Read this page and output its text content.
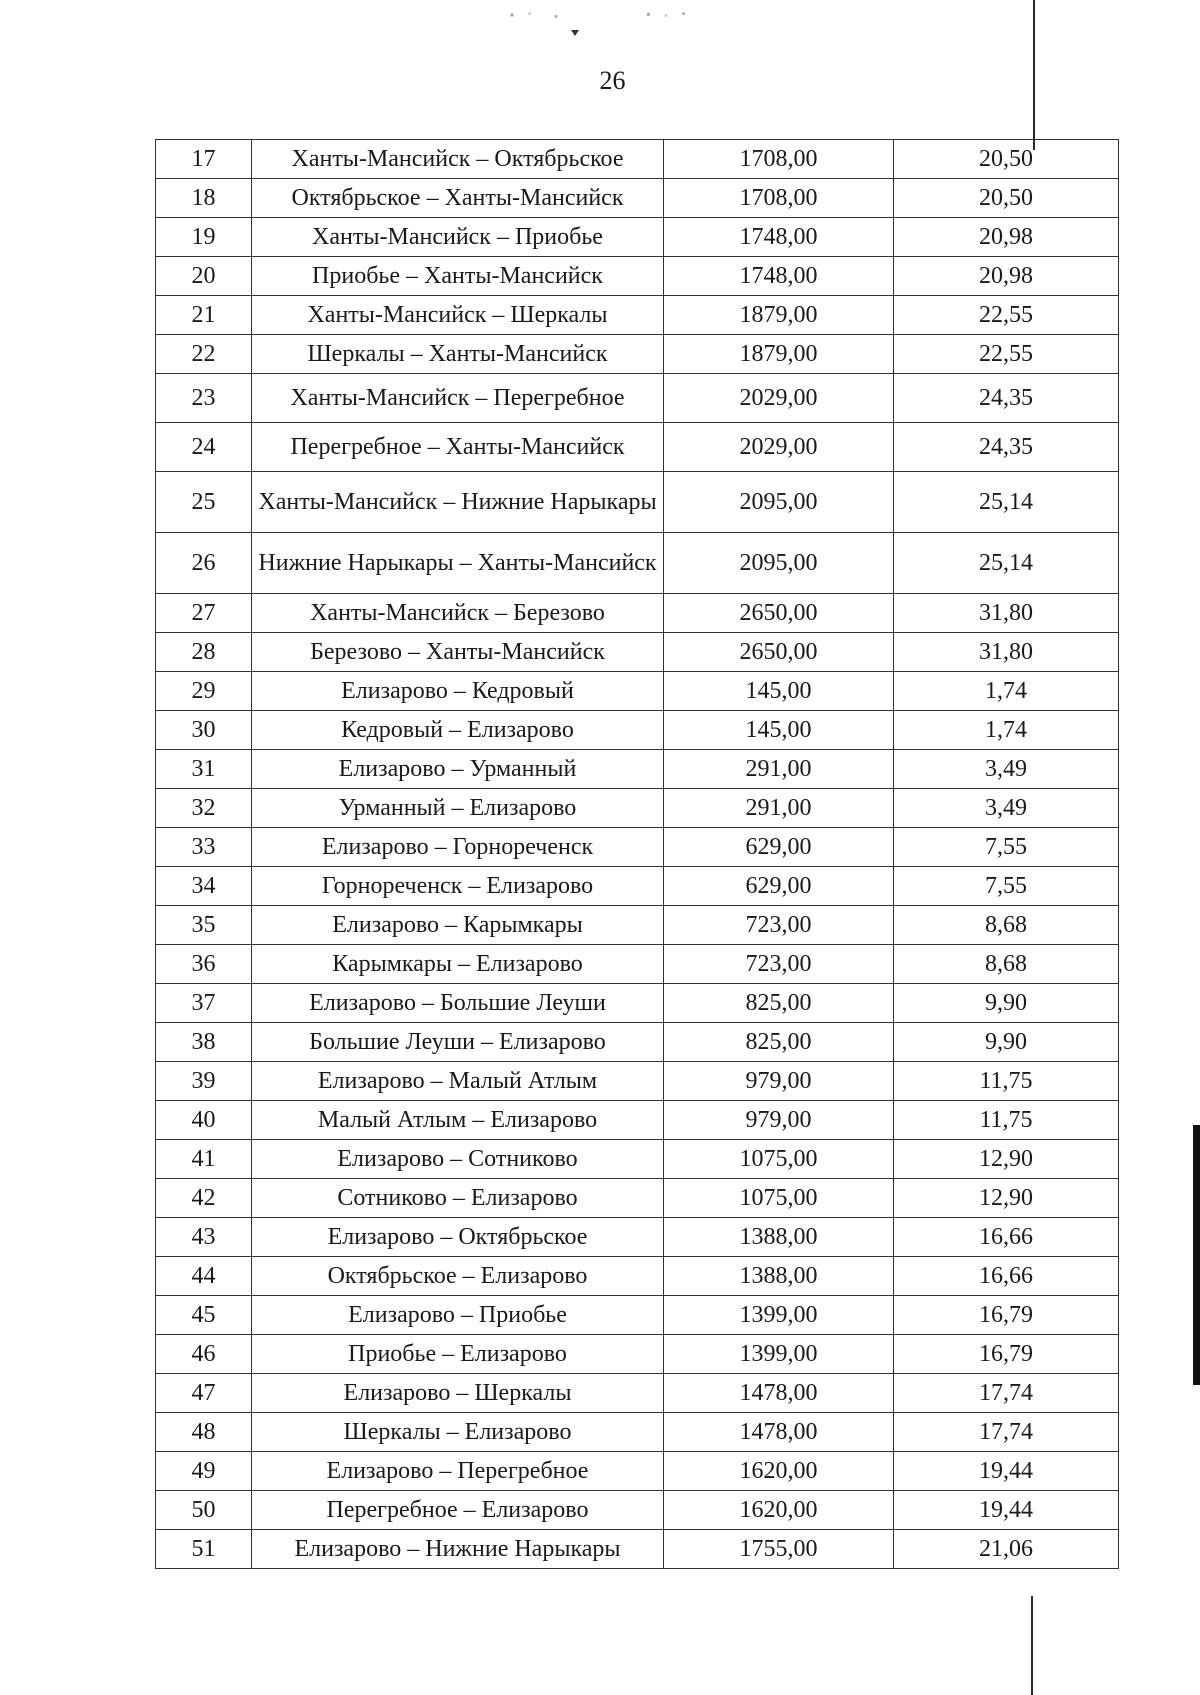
26
17	Ханты-Мансийск – Октябрьское	1708,00	20,50
18	Октябрьское – Ханты-Мансийск	1708,00	20,50
19	Ханты-Мансийск – Приобье	1748,00	20,98
20	Приобье – Ханты-Мансийск	1748,00	20,98
21	Ханты-Мансийск – Шеркалы	1879,00	22,55
22	Шеркалы – Ханты-Мансийск	1879,00	22,55
23	Ханты-Мансийск – Перегребное	2029,00	24,35
24	Перегребное – Ханты-Мансийск	2029,00	24,35
25	Ханты-Мансийск – Нижние Нарыкары	2095,00	25,14
26	Нижние Нарыкары – Ханты-Мансийск	2095,00	25,14
27	Ханты-Мансийск – Березово	2650,00	31,80
28	Березово – Ханты-Мансийск	2650,00	31,80
29	Елизарово – Кедровый	145,00	1,74
30	Кедровый – Елизарово	145,00	1,74
31	Елизарово – Урманный	291,00	3,49
32	Урманный – Елизарово	291,00	3,49
33	Елизарово – Горнореченск	629,00	7,55
34	Горнореченск – Елизарово	629,00	7,55
35	Елизарово – Карымкары	723,00	8,68
36	Карымкары – Елизарово	723,00	8,68
37	Елизарово – Большие Леуши	825,00	9,90
38	Большие Леуши – Елизарово	825,00	9,90
39	Елизарово – Малый Атлым	979,00	11,75
40	Малый Атлым – Елизарово	979,00	11,75
41	Елизарово – Сотниково	1075,00	12,90
42	Сотниково – Елизарово	1075,00	12,90
43	Елизарово – Октябрьское	1388,00	16,66
44	Октябрьское – Елизарово	1388,00	16,66
45	Елизарово – Приобье	1399,00	16,79
46	Приобье – Елизарово	1399,00	16,79
47	Елизарово – Шеркалы	1478,00	17,74
48	Шеркалы – Елизарово	1478,00	17,74
49	Елизарово – Перегребное	1620,00	19,44
50	Перегребное – Елизарово	1620,00	19,44
51	Елизарово – Нижние Нарыкары	1755,00	21,06
